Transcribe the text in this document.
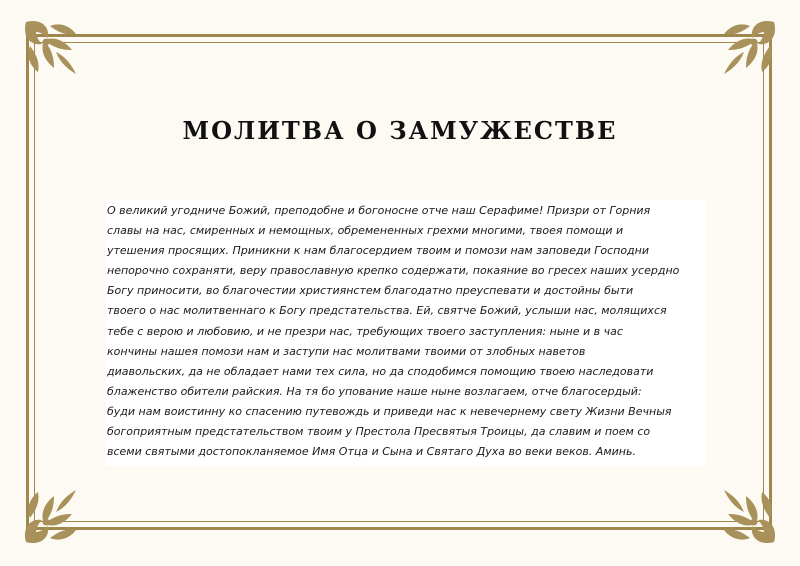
МОЛИТВА О ЗАМУЖЕСТВЕ

О великий угодниче Божий, преподобне и богоносне отче наш Серафиме! Призри от Горния
славы на нас, смиренных и немощных, обремененных грехми многими, твоея помощи и
утешения просящих. Приникни к нам благосердием твоим и помози нам заповеди Господни
непорочно сохраняти, веру православную крепко содержати, покаяние во гресех наших усердно
Богу приносити, во благочестии християнстем благодатно преуспевати и достойны быти
твоего о нас молитвеннаго к Богу предстательства. Ей, святче Божий, услыши нас, молящихся
тебе с верою и любовию, и не презри нас, требующих твоего заступления: ныне и в час
кончины нашея помози нам и заступи нас молитвами твоими от злобных наветов
диавольских, да не обладает нами тех сила, но да сподобимся помощию твоею наследовати
блаженство обители райския. На тя бо упование наше ныне возлагаем, отче благосердый:
буди нам воистинну ко спасению путевождь и приведи нас к невечернему свету Жизни Вечныя
богоприятным предстательством твоим у Престола Пресвятыя Троицы, да славим и поем со
всеми святыми достопокланяемое Имя Отца и Сына и Святаго Духа во веки веков. Аминь.
